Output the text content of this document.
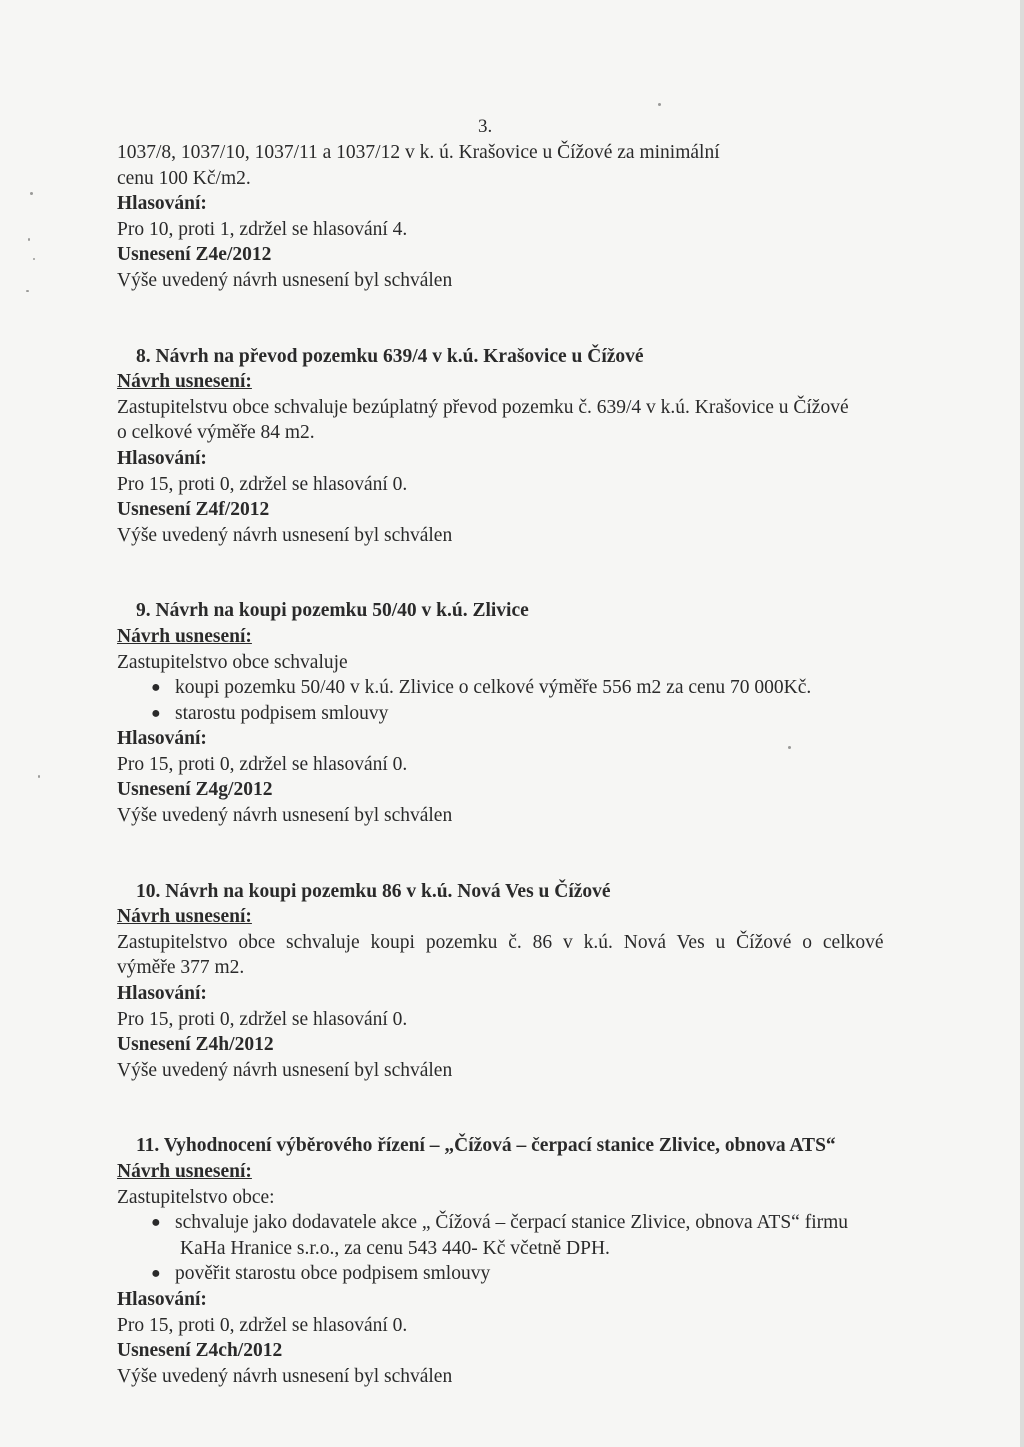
3.
1037/8, 1037/10, 1037/11 a 1037/12 v k. ú. Krašovice u Čížové za minimální
cenu 100 Kč/m2.
Hlasování:
Pro 10, proti 1, zdržel se hlasování 4.
Usnesení Z4e/2012
Výše uvedený návrh usnesení byl schválen
8. Návrh na převod pozemku 639/4 v k.ú. Krašovice u Čížové
Návrh usnesení:
Zastupitelstvu obce schvaluje bezúplatný převod pozemku č. 639/4 v k.ú. Krašovice u Čížové
o celkové výměře 84 m2.
Hlasování:
Pro 15, proti 0, zdržel se hlasování 0.
Usnesení Z4f/2012
Výše uvedený návrh usnesení byl schválen
9. Návrh na koupi pozemku 50/40 v k.ú. Zlivice
Návrh usnesení:
Zastupitelstvo obce schvaluje
● koupi pozemku 50/40 v k.ú. Zlivice o celkové výměře 556 m2 za cenu 70 000Kč.
● starostu podpisem smlouvy
Hlasování:
Pro 15, proti 0, zdržel se hlasování 0.
Usnesení Z4g/2012
Výše uvedený návrh usnesení byl schválen
10. Návrh na koupi pozemku 86 v k.ú. Nová Ves u Čížové
Návrh usnesení:
Zastupitelstvo obce schvaluje koupi pozemku č. 86 v k.ú. Nová Ves u Čížové o celkové
výměře 377 m2.
Hlasování:
Pro 15, proti 0, zdržel se hlasování 0.
Usnesení Z4h/2012
Výše uvedený návrh usnesení byl schválen
11. Vyhodnocení výběrového řízení – „Čížová – čerpací stanice Zlivice, obnova ATS“
Návrh usnesení:
Zastupitelstvo obce:
● schvaluje jako dodavatele akce „ Čížová – čerpací stanice Zlivice, obnova ATS“ firmu
KaHa Hranice s.r.o., za cenu 543 440- Kč včetně DPH.
● pověřit starostu obce podpisem smlouvy
Hlasování:
Pro 15, proti 0, zdržel se hlasování 0.
Usnesení Z4ch/2012
Výše uvedený návrh usnesení byl schválen
